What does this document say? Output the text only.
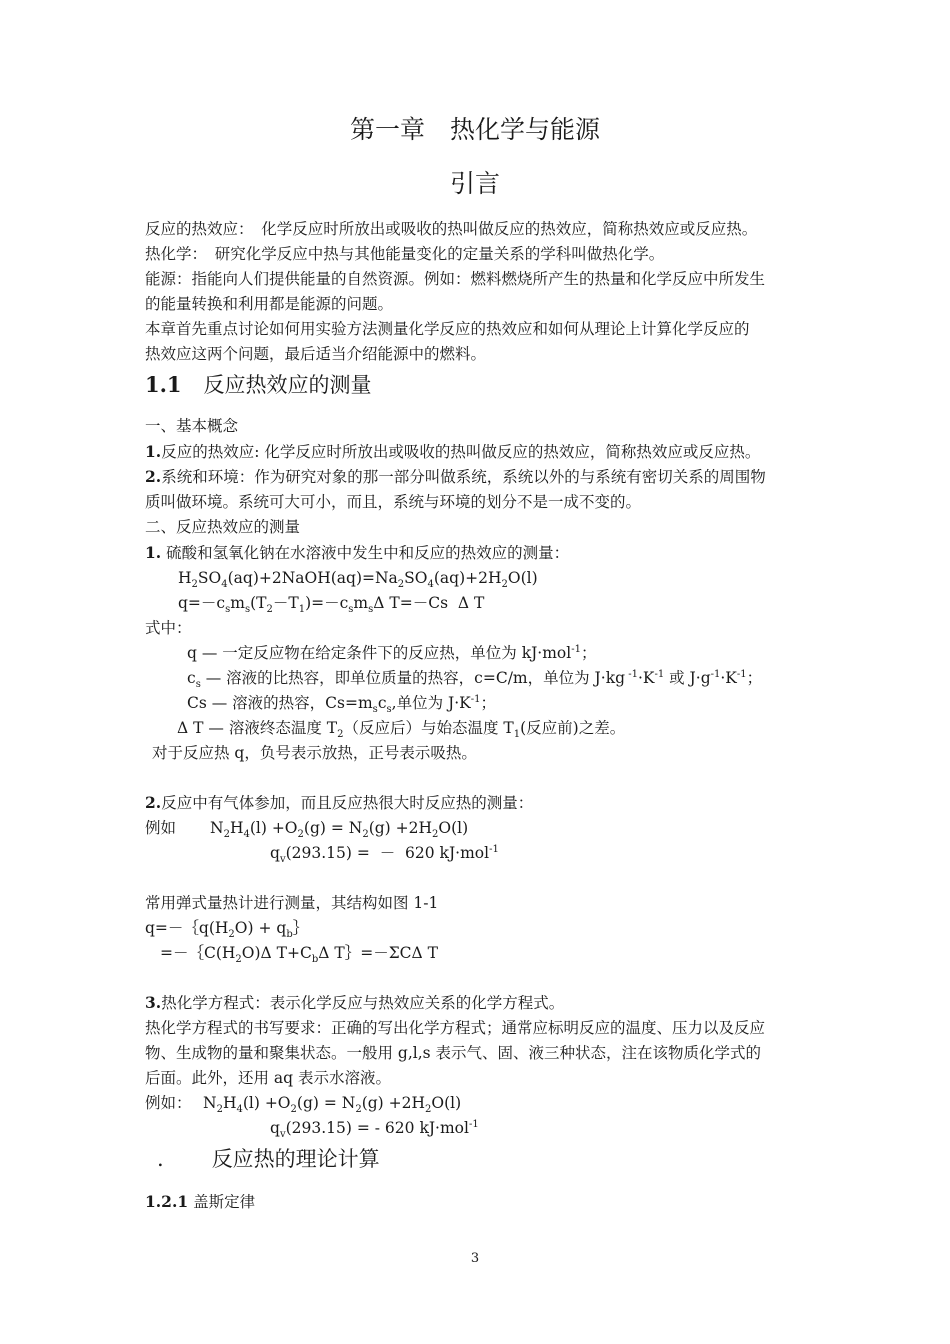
第一章　热化学与能源
引言
反应的热效应：　化学反应时所放出或吸收的热叫做反应的热效应，简称热效应或反应热。
热化学：　研究化学反应中热与其他能量变化的定量关系的学科叫做热化学。
能源：指能向人们提供能量的自然资源。例如：燃料燃烧所产生的热量和化学反应中所发生
的能量转换和利用都是能源的问题。
本章首先重点讨论如何用实验方法测量化学反应的热效应和如何从理论上计算化学反应的
热效应这两个问题，最后适当介绍能源中的燃料。
1.1 反应热效应的测量
一、基本概念
1.反应的热效应: 化学反应时所放出或吸收的热叫做反应的热效应，简称热效应或反应热。
2.系统和环境：作为研究对象的那一部分叫做系统，系统以外的与系统有密切关系的周围物
质叫做环境。系统可大可小，而且，系统与环境的划分不是一成不变的。
二、反应热效应的测量
1. 硫酸和氢氧化钠在水溶液中发生中和反应的热效应的测量：
$H_2SO_4(aq)+2NaOH(aq)=Na_2SO_4(aq)+2H_2O(l)$
$q=-c_sm_s(T_2-T_1)=-c_sm_s\Delta$ T=－Cs  Δ T
式中：
q — 一定反应物在给定条件下的反应热，单位为 kJ·mol$^{-1}$；
$c_s$ — 溶液的比热容，即单位质量的热容，c=C/m，单位为 J·kg $^{-1}\cdot K^{-1}$ 或 $J\cdot g^{-1}\cdot K^{-1}$；
Cs — 溶液的热容，$Cs=m_sc_s$,单位为 $J\cdot K^{-1}$；
Δ T — 溶液终态温度 $T_2$（反应后）与始态温度 $T_1$(反应前)之差。
对于反应热 q，负号表示放热，正号表示吸热。
2.反应中有气体参加，而且反应热很大时反应热的测量：
例如 $N_2H_4(l) +O_2(g) = N_2(g) +2H_2O(l)$
$q_v(293.15)$ =  －  620 kJ·mol$^{-1}$
常用弹式量热计进行测量，其结构如图 1-1
$q=-\{q(H_2O)$ + $q_b\}$
$=-\{C(H_2O)\Delta$ $T+C_b\Delta$ T｝=－ΣCΔ T
3.热化学方程式：表示化学反应与热效应关系的化学方程式。
热化学方程式的书写要求：正确的写出化学方程式；通常应标明反应的温度、压力以及反应
物、生成物的量和聚集状态。一般用 g,l,s 表示气、固、液三种状态，注在该物质化学式的
后面。此外，还用 aq 表示水溶液。
例如： $N_2H_4(l) +O_2(g) = N_2(g) +2H_2O(l)$
$q_v(293.15)$ = - 620 kJ·mol$^{-1}$
. 反应热的理论计算
1.2.1 盖斯定律
3
